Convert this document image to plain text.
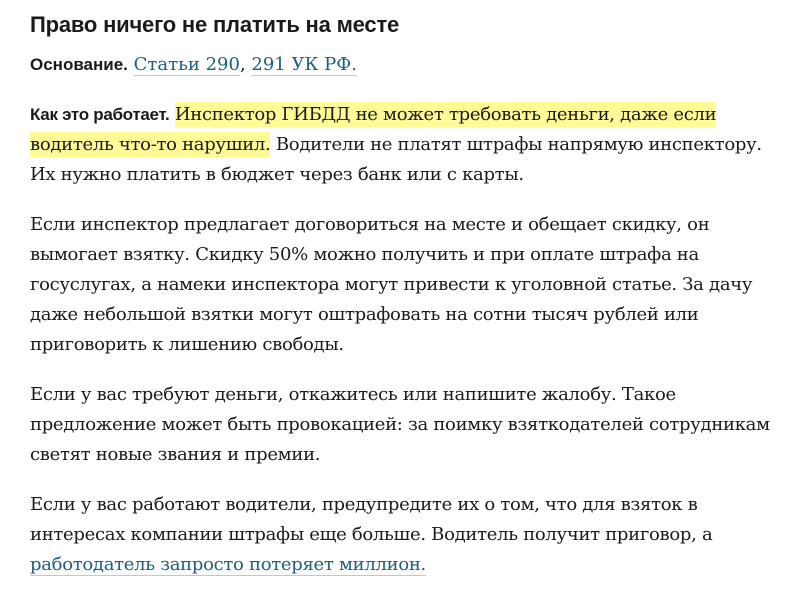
Право ничего не платить на месте
Основание. Статьи 290, 291 УК РФ.

Как это работает. Инспектор ГИБДД не может требовать деньги, даже если водитель что-то нарушил. Водители не платят штрафы напрямую инспектору. Их нужно платить в бюджет через банк или с карты.

Если инспектор предлагает договориться на месте и обещает скидку, он вымогает взятку. Скидку 50% можно получить и при оплате штрафа на госуслугах, а намеки инспектора могут привести к уголовной статье. За дачу даже небольшой взятки могут оштрафовать на сотни тысяч рублей или приговорить к лишению свободы.

Если у вас требуют деньги, откажитесь или напишите жалобу. Такое предложение может быть провокацией: за поимку взяткодателей сотрудникам светят новые звания и премии.

Если у вас работают водители, предупредите их о том, что для взяток в интересах компании штрафы еще больше. Водитель получит приговор, а работодатель запросто потеряет миллион.
